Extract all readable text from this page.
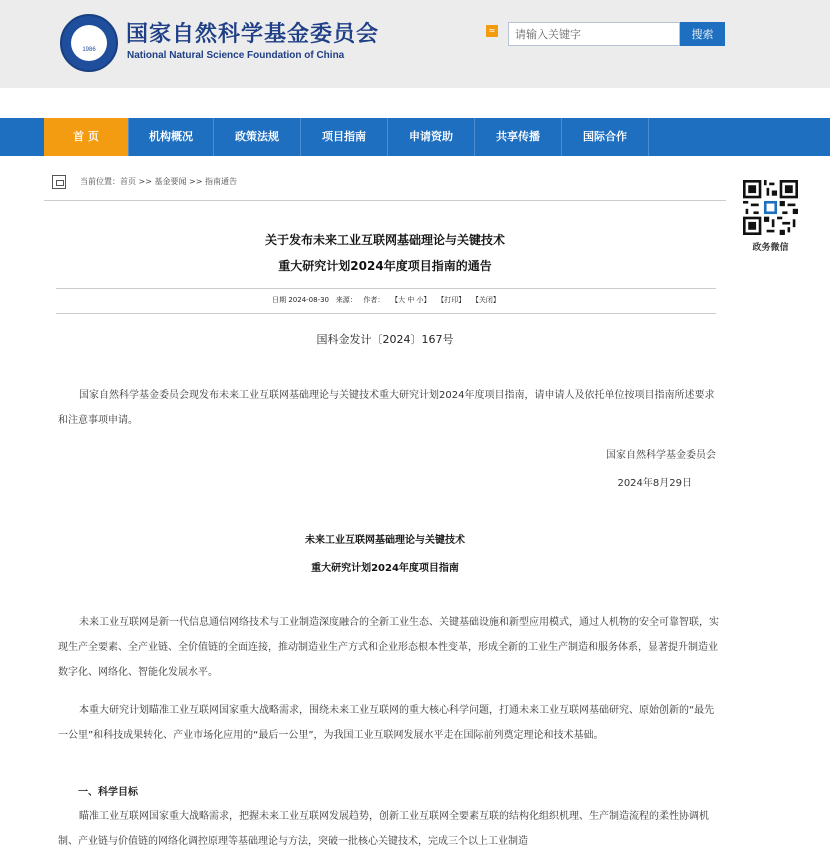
1986
国家自然科学基金委员会
National Natural Science Foundation of China
≈
请输入关键字	搜索
首 页	机构概况	政策法规	项目指南	申请资助	共享传播	国际合作
当前位置：首页 >> 基金要闻 >> 指南通告
政务微信
关于发布未来工业互联网基础理论与关键技术
重大研究计划2024年度项目指南的通告
日期 2024-08-30 来源： 作者： 【大 中 小】 【打印】 【关闭】
国科金发计〔2024〕167号

国家自然科学基金委员会现发布未来工业互联网基础理论与关键技术重大研究计划2024年度项目指南，请申请人及依托单位按项目指南所述要求和注意事项申请。

国家自然科学基金委员会
2024年8月29日
未来工业互联网基础理论与关键技术
重大研究计划2024年度项目指南

未来工业互联网是新一代信息通信网络技术与工业制造深度融合的全新工业生态、关键基础设施和新型应用模式，通过人机物的安全可靠智联，实现生产全要素、全产业链、全价值链的全面连接，推动制造业生产方式和企业形态根本性变革，形成全新的工业生产制造和服务体系，显著提升制造业数字化、网络化、智能化发展水平。

本重大研究计划瞄准工业互联网国家重大战略需求，围绕未来工业互联网的重大核心科学问题，打通未来工业互联网基础研究、原始创新的“最先一公里”和科技成果转化、产业市场化应用的“最后一公里”，为我国工业互联网发展水平走在国际前列奠定理论和技术基础。

一、科学目标

瞄准工业互联网国家重大战略需求，把握未来工业互联网发展趋势，创新工业互联网全要素互联的结构化组织机理、生产制造流程的柔性协调机制、产业链与价值链的网络化调控原理等基础理论与方法，突破一批核心关键技术，完成三个以上工业制造
